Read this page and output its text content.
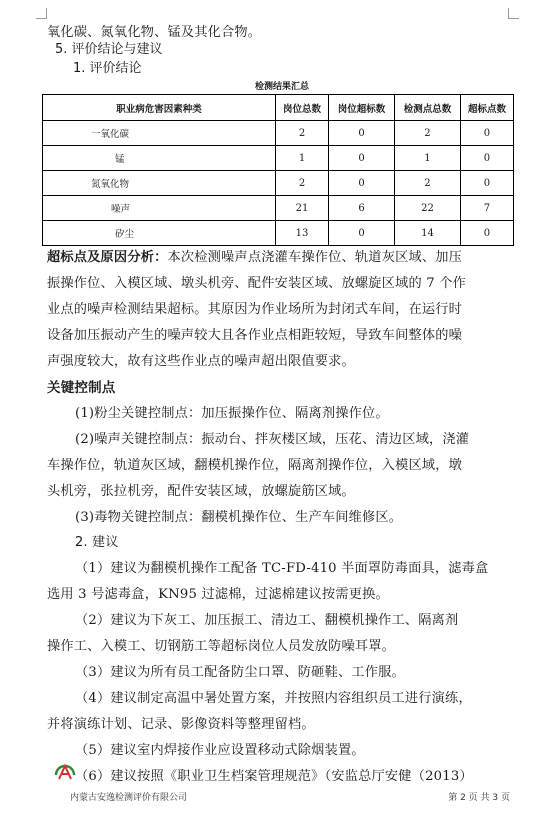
氧化碳、氮氧化物、锰及其化合物。
5. 评价结论与建议
1. 评价结论
检测结果汇总
职业病危害因素种类	岗位总数	岗位超标数	检测点总数	超标点数
一氧化碳	2	0	2	0
锰	1	0	1	0
氮氧化物	2	0	2	0
噪声	21	6	22	7
矽尘	13	0	14	0
超标点及原因分析：本次检测噪声点浇灌车操作位、轨道灰区域、加压
振操作位、入模区域、墩头机旁、配件安装区域、放螺旋区域的 7 个作
业点的噪声检测结果超标。其原因为作业场所为封闭式车间，在运行时
设备加压振动产生的噪声较大且各作业点相距较短，导致车间整体的噪
声强度较大，故有这些作业点的噪声超出限值要求。
关键控制点
(1)粉尘关键控制点：加压振操作位、隔离剂操作位。
(2)噪声关键控制点：振动台、拌灰楼区域，压花、清边区域，浇灌
车操作位，轨道灰区域，翻模机操作位，隔离剂操作位，入模区域，墩
头机旁，张拉机旁，配件安装区域，放螺旋筋区域。
(3)毒物关键控制点：翻模机操作位、生产车间维修区。
2. 建议
（1）建议为翻模机操作工配备 TC-FD-410 半面罩防毒面具，滤毒盒
选用 3 号滤毒盒，KN95 过滤棉，过滤棉建议按需更换。
（2）建议为下灰工、加压振工、清边工、翻模机操作工、隔离剂
操作工、入模工、切钢筋工等超标岗位人员发放防噪耳罩。
（3）建议为所有员工配备防尘口罩、防砸鞋、工作服。
（4）建议制定高温中暑处置方案，并按照内容组织员工进行演练，
并将演练计划、记录、影像资料等整理留档。
（5）建议室内焊接作业应设置移动式除烟装置。
（6）建议按照《职业卫生档案管理规范》（安监总厅安健（2013）
内蒙古安逸检测评价有限公司	第 2 页 共 3 页
